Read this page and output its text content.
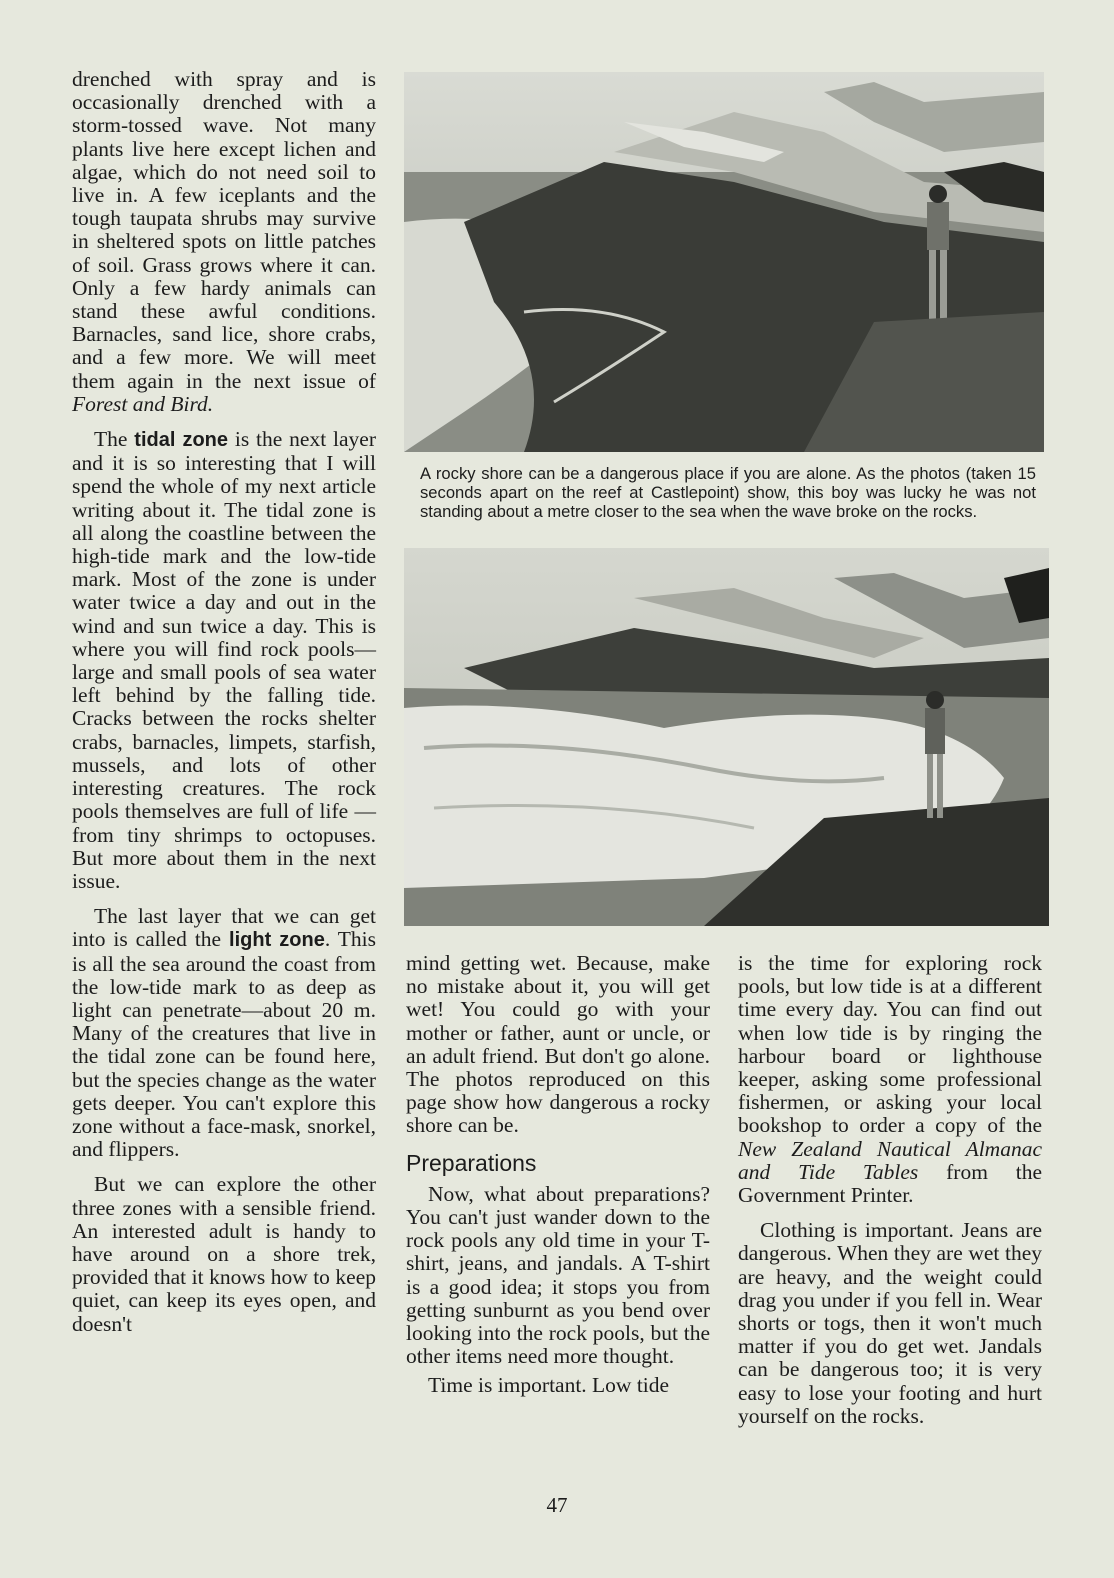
drenched with spray and is occasionally drenched with a storm-tossed wave. Not many plants live here except lichen and algae, which do not need soil to live in. A few iceplants and the tough taupata shrubs may survive in sheltered spots on little patches of soil. Grass grows where it can. Only a few hardy animals can stand these awful conditions. Barnacles, sand lice, shore crabs, and a few more. We will meet them again in the next issue of Forest and Bird.

The tidal zone is the next layer and it is so interesting that I will spend the whole of my next article writing about it. The tidal zone is all along the coastline between the high-tide mark and the low-tide mark. Most of the zone is under water twice a day and out in the wind and sun twice a day. This is where you will find rock pools—large and small pools of sea water left behind by the falling tide. Cracks between the rocks shelter crabs, barnacles, limpets, starfish, mussels, and lots of other interesting creatures. The rock pools themselves are full of life — from tiny shrimps to octopuses. But more about them in the next issue.

The last layer that we can get into is called the light zone. This is all the sea around the coast from the low-tide mark to as deep as light can penetrate—about 20 m. Many of the creatures that live in the tidal zone can be found here, but the species change as the water gets deeper. You can't explore this zone without a face-mask, snorkel, and flippers.

But we can explore the other three zones with a sensible friend. An interested adult is handy to have around on a shore trek, provided that it knows how to keep quiet, can keep its eyes open, and doesn't

A rocky shore can be a dangerous place if you are alone. As the photos (taken 15 seconds apart on the reef at Castlepoint) show, this boy was lucky he was not standing about a metre closer to the sea when the wave broke on the rocks.

mind getting wet. Because, make no mistake about it, you will get wet! You could go with your mother or father, aunt or uncle, or an adult friend. But don't go alone. The photos reproduced on this page show how dangerous a rocky shore can be.

Preparations

Now, what about preparations? You can't just wander down to the rock pools any old time in your T-shirt, jeans, and jandals. A T-shirt is a good idea; it stops you from getting sunburnt as you bend over looking into the rock pools, but the other items need more thought.

Time is important. Low tide

is the time for exploring rock pools, but low tide is at a different time every day. You can find out when low tide is by ringing the harbour board or lighthouse keeper, asking some professional fishermen, or asking your local bookshop to order a copy of the New Zealand Nautical Almanac and Tide Tables from the Government Printer.

Clothing is important. Jeans are dangerous. When they are wet they are heavy, and the weight could drag you under if you fell in. Wear shorts or togs, then it won't much matter if you do get wet. Jandals can be dangerous too; it is very easy to lose your footing and hurt yourself on the rocks.

47
